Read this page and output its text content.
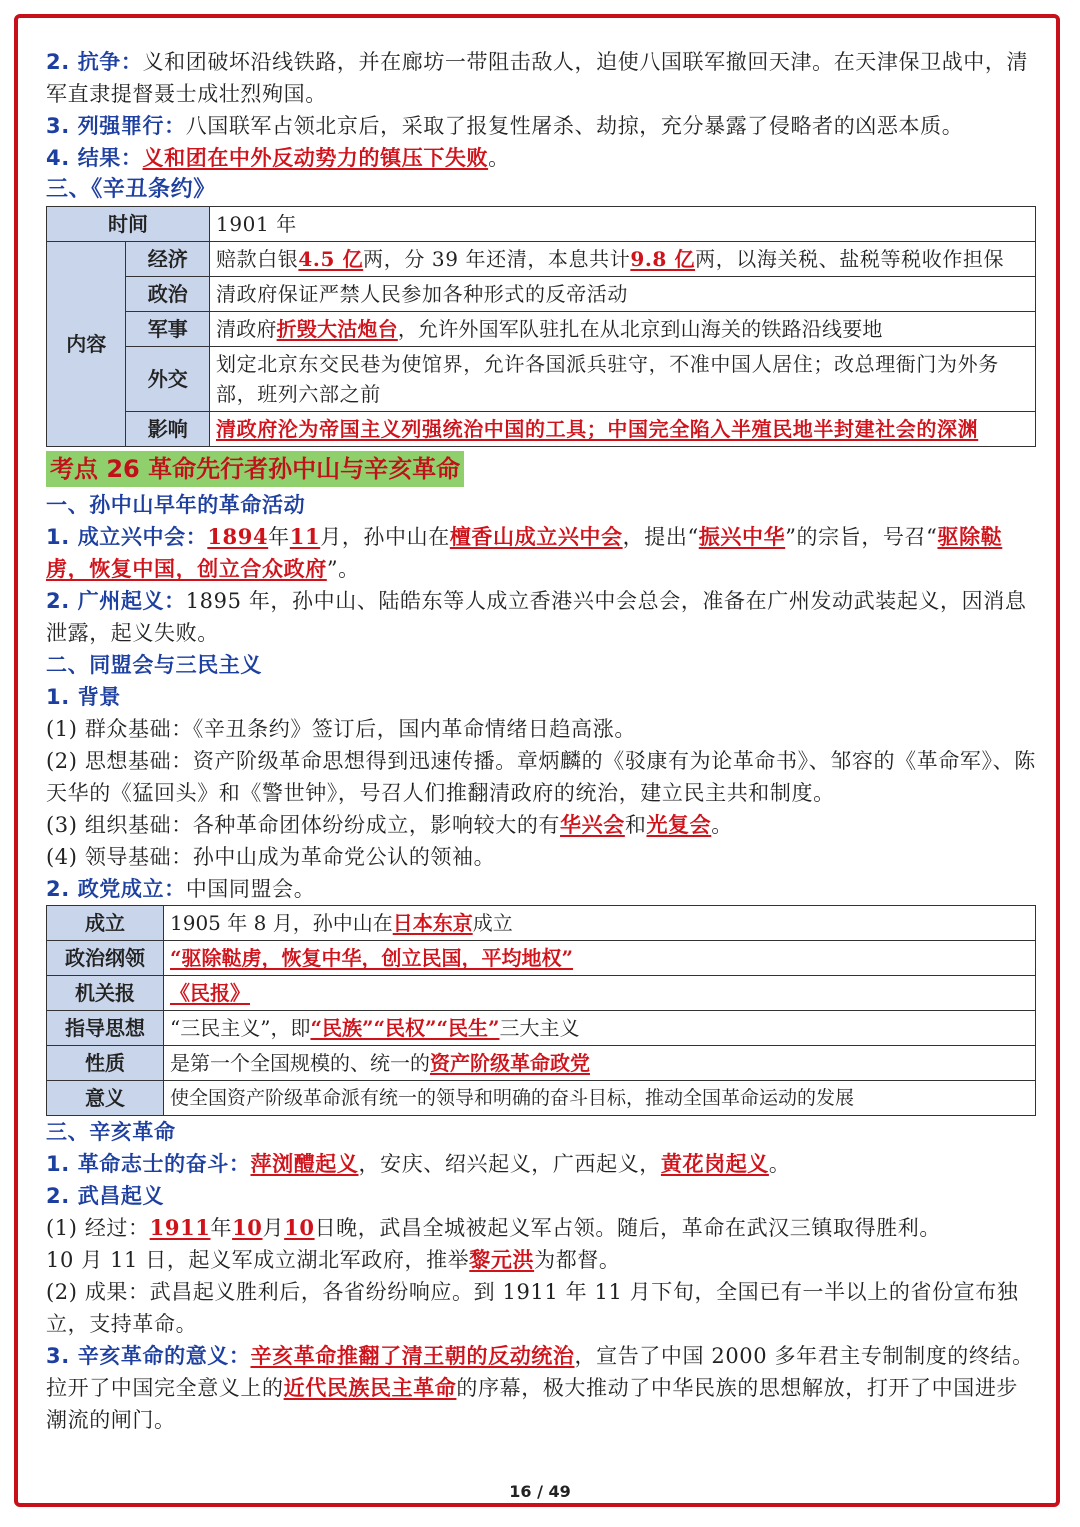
2. 抗争：义和团破坏沿线铁路，并在廊坊一带阻击敌人，迫使八国联军撤回天津。在天津保卫战中，清军直隶提督聂士成壮烈殉国。
3. 列强罪行：八国联军占领北京后，采取了报复性屠杀、劫掠，充分暴露了侵略者的凶恶本质。
4. 结果：义和团在中外反动势力的镇压下失败。
三、《辛丑条约》
时间		1901 年
内容	经济	赔款白银4.5 亿两，分 39 年还清，本息共计9.8 亿两，以海关税、盐税等税收作担保
	政治	清政府保证严禁人民参加各种形式的反帝活动
	军事	清政府折毁大沽炮台，允许外国军队驻扎在从北京到山海关的铁路沿线要地
	外交	划定北京东交民巷为使馆界，允许各国派兵驻守，不准中国人居住；改总理衙门为外务部，班列六部之前
	影响	清政府沦为帝国主义列强统治中国的工具；中国完全陷入半殖民地半封建社会的深渊
考点 26 革命先行者孙中山与辛亥革命
一、孙中山早年的革命活动
1. 成立兴中会：1894年11月，孙中山在檀香山成立兴中会，提出“振兴中华”的宗旨，号召“驱除鞑虏，恢复中国，创立合众政府”。
2. 广州起义：1895 年，孙中山、陆皓东等人成立香港兴中会总会，准备在广州发动武装起义，因消息泄露，起义失败。
二、同盟会与三民主义
1. 背景
(1) 群众基础：《辛丑条约》签订后，国内革命情绪日趋高涨。
(2) 思想基础：资产阶级革命思想得到迅速传播。章炳麟的《驳康有为论革命书》、邹容的《革命军》、陈天华的《猛回头》和《警世钟》，号召人们推翻清政府的统治，建立民主共和制度。
(3) 组织基础：各种革命团体纷纷成立，影响较大的有华兴会和光复会。
(4) 领导基础：孙中山成为革命党公认的领袖。
2. 政党成立：中国同盟会。
成立	1905 年 8 月，孙中山在日本东京成立
政治纲领	“驱除鞑虏，恢复中华，创立民国，平均地权”
机关报	《民报》
指导思想	“三民主义”，即“民族”“民权”“民生”三大主义
性质	是第一个全国规模的、统一的资产阶级革命政党
意义	使全国资产阶级革命派有统一的领导和明确的奋斗目标，推动全国革命运动的发展
三、辛亥革命
1. 革命志士的奋斗：萍浏醴起义，安庆、绍兴起义，广西起义，黄花岗起义。
2. 武昌起义
(1) 经过：1911年10月10日晚，武昌全城被起义军占领。随后，革命在武汉三镇取得胜利。
10 月 11 日，起义军成立湖北军政府，推举黎元洪为都督。
(2) 成果：武昌起义胜利后，各省纷纷响应。到 1911 年 11 月下旬，全国已有一半以上的省份宣布独立，支持革命。
3. 辛亥革命的意义：辛亥革命推翻了清王朝的反动统治，宣告了中国 2000 多年君主专制制度的终结。拉开了中国完全意义上的近代民族民主革命的序幕，极大推动了中华民族的思想解放，打开了中国进步潮流的闸门。
16 / 49
